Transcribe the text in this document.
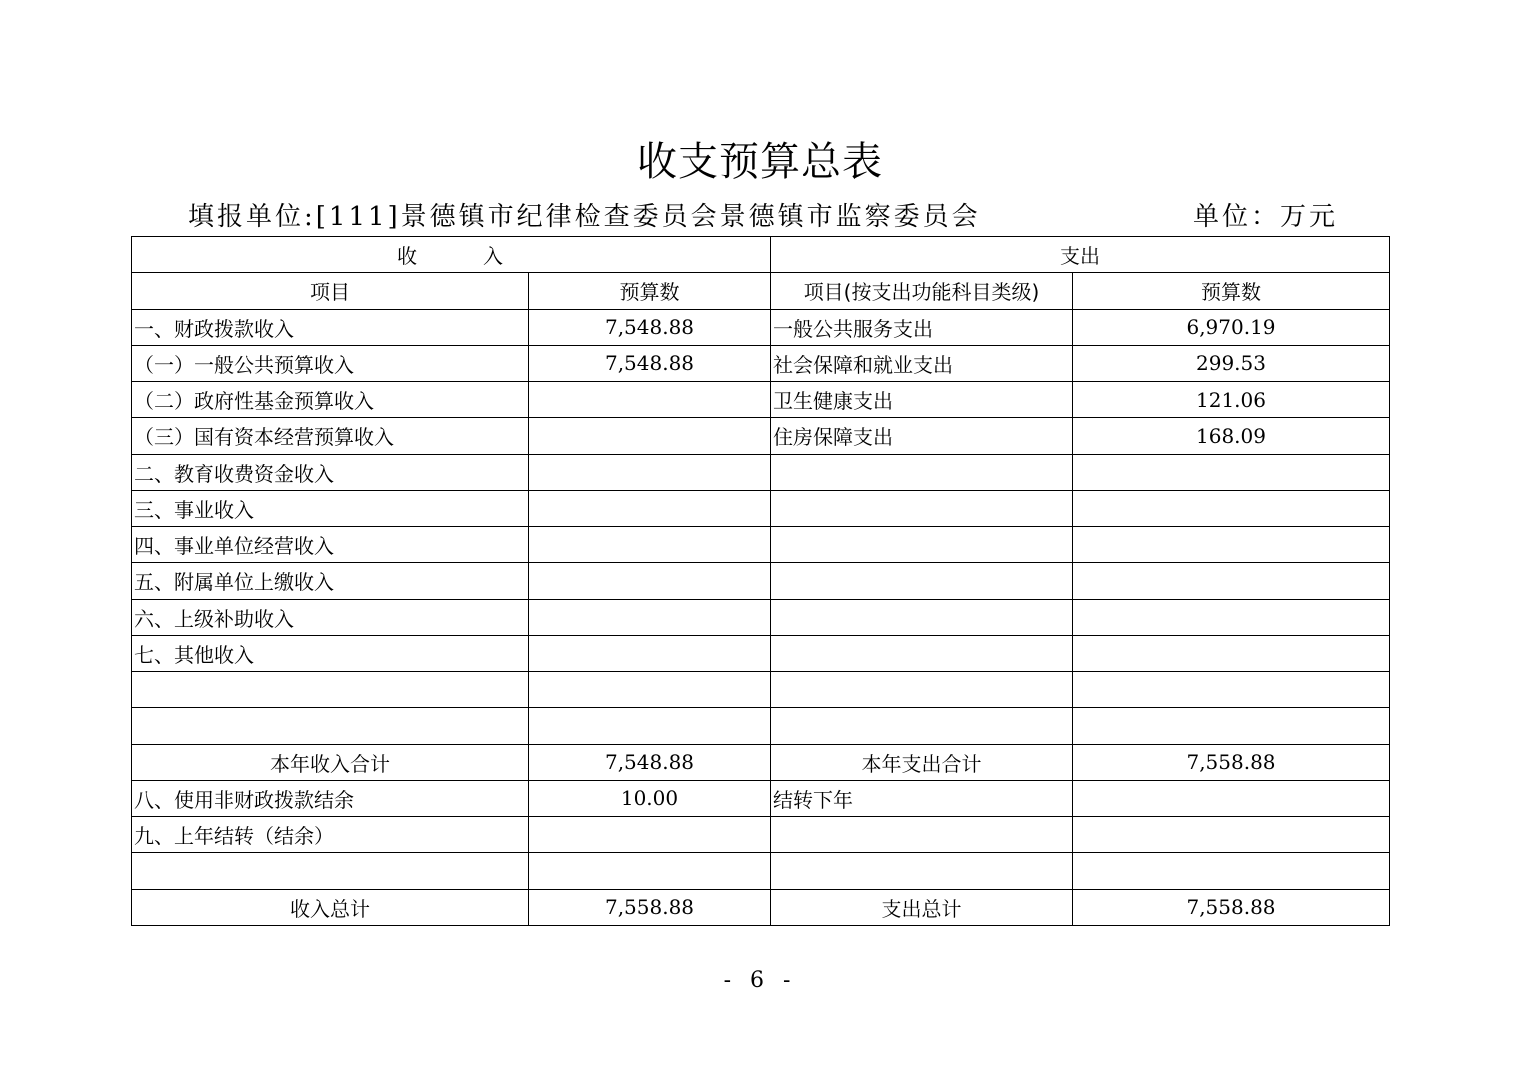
收支预算总表
填报单位:[111]景德镇市纪律检查委员会景德镇市监察委员会	单位：万元
收 入		支出	
项目	预算数	项目(按支出功能科目类级)	预算数
一、财政拨款收入	7,548.88	一般公共服务支出	6,970.19
（一）一般公共预算收入	7,548.88	社会保障和就业支出	299.53
（二）政府性基金预算收入		卫生健康支出	121.06
（三）国有资本经营预算收入		住房保障支出	168.09
二、教育收费资金收入			
三、事业收入			
四、事业单位经营收入			
五、附属单位上缴收入			
六、上级补助收入			
七、其他收入			

本年收入合计	7,548.88	本年支出合计	7,558.88
八、使用非财政拨款结余	10.00	结转下年	
九、上年结转（结余）			

收入总计	7,558.88	支出总计	7,558.88
- 6 -
